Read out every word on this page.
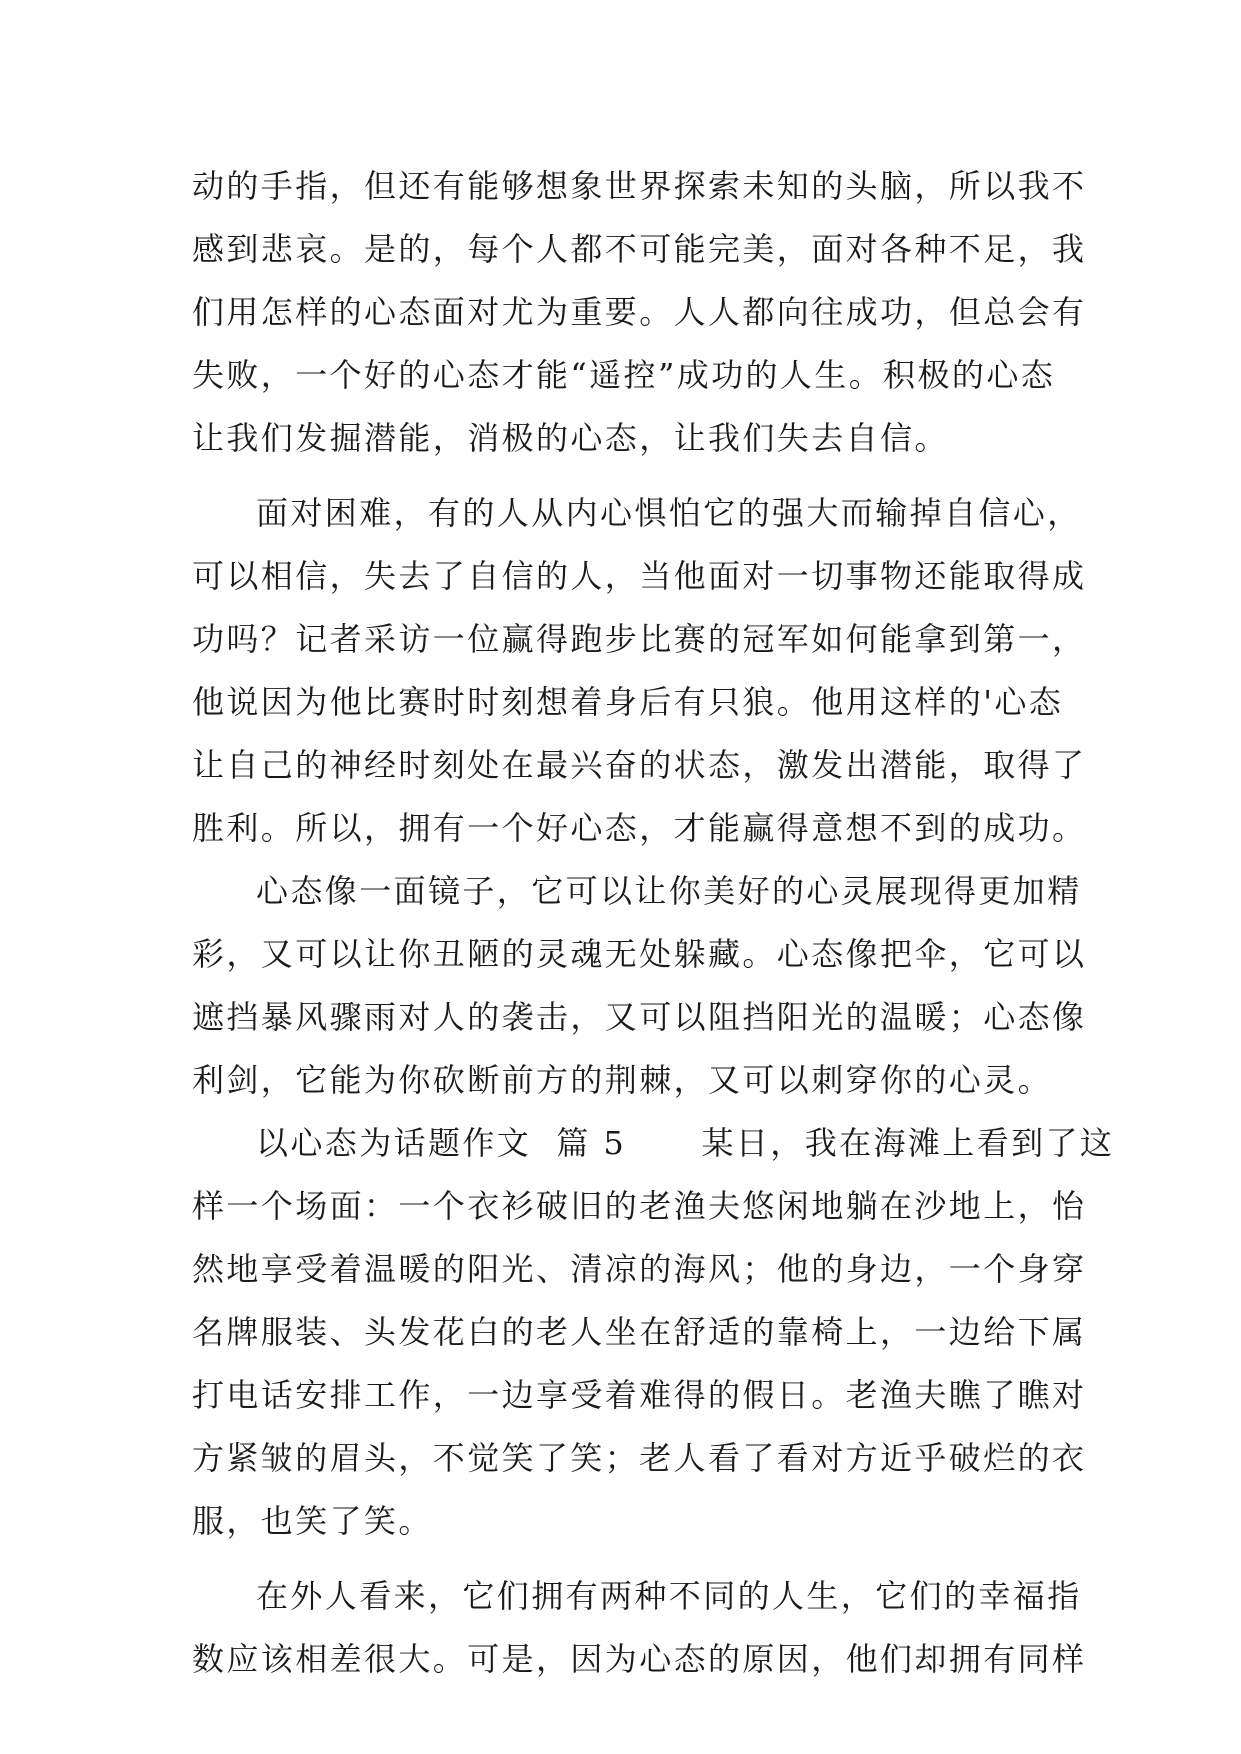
动的手指，但还有能够想象世界探索未知的头脑，所以我不
感到悲哀。是的，每个人都不可能完美，面对各种不足，我
们用怎样的心态面对尤为重要。人人都向往成功，但总会有
失败，一个好的心态才能“遥控”成功的人生。积极的心态
让我们发掘潜能，消极的心态，让我们失去自信。
面对困难，有的人从内心惧怕它的强大而输掉自信心，
可以相信，失去了自信的人，当他面对一切事物还能取得成
功吗？记者采访一位赢得跑步比赛的冠军如何能拿到第一，
他说因为他比赛时时刻想着身后有只狼。他用这样的'心态
让自己的神经时刻处在最兴奋的状态，激发出潜能，取得了
胜利。所以，拥有一个好心态，才能赢得意想不到的成功。
心态像一面镜子，它可以让你美好的心灵展现得更加精
彩，又可以让你丑陋的灵魂无处躲藏。心态像把伞，它可以
遮挡暴风骤雨对人的袭击，又可以阻挡阳光的温暖；心态像
利剑，它能为你砍断前方的荆棘，又可以刺穿你的心灵。
以心态为话题作文  篇 5      某日，我在海滩上看到了这
样一个场面：一个衣衫破旧的老渔夫悠闲地躺在沙地上，怡
然地享受着温暖的阳光、清凉的海风；他的身边，一个身穿
名牌服装、头发花白的老人坐在舒适的靠椅上，一边给下属
打电话安排工作，一边享受着难得的假日。老渔夫瞧了瞧对
方紧皱的眉头，不觉笑了笑；老人看了看对方近乎破烂的衣
服，也笑了笑。
在外人看来，它们拥有两种不同的人生，它们的幸福指
数应该相差很大。可是，因为心态的原因，他们却拥有同样
